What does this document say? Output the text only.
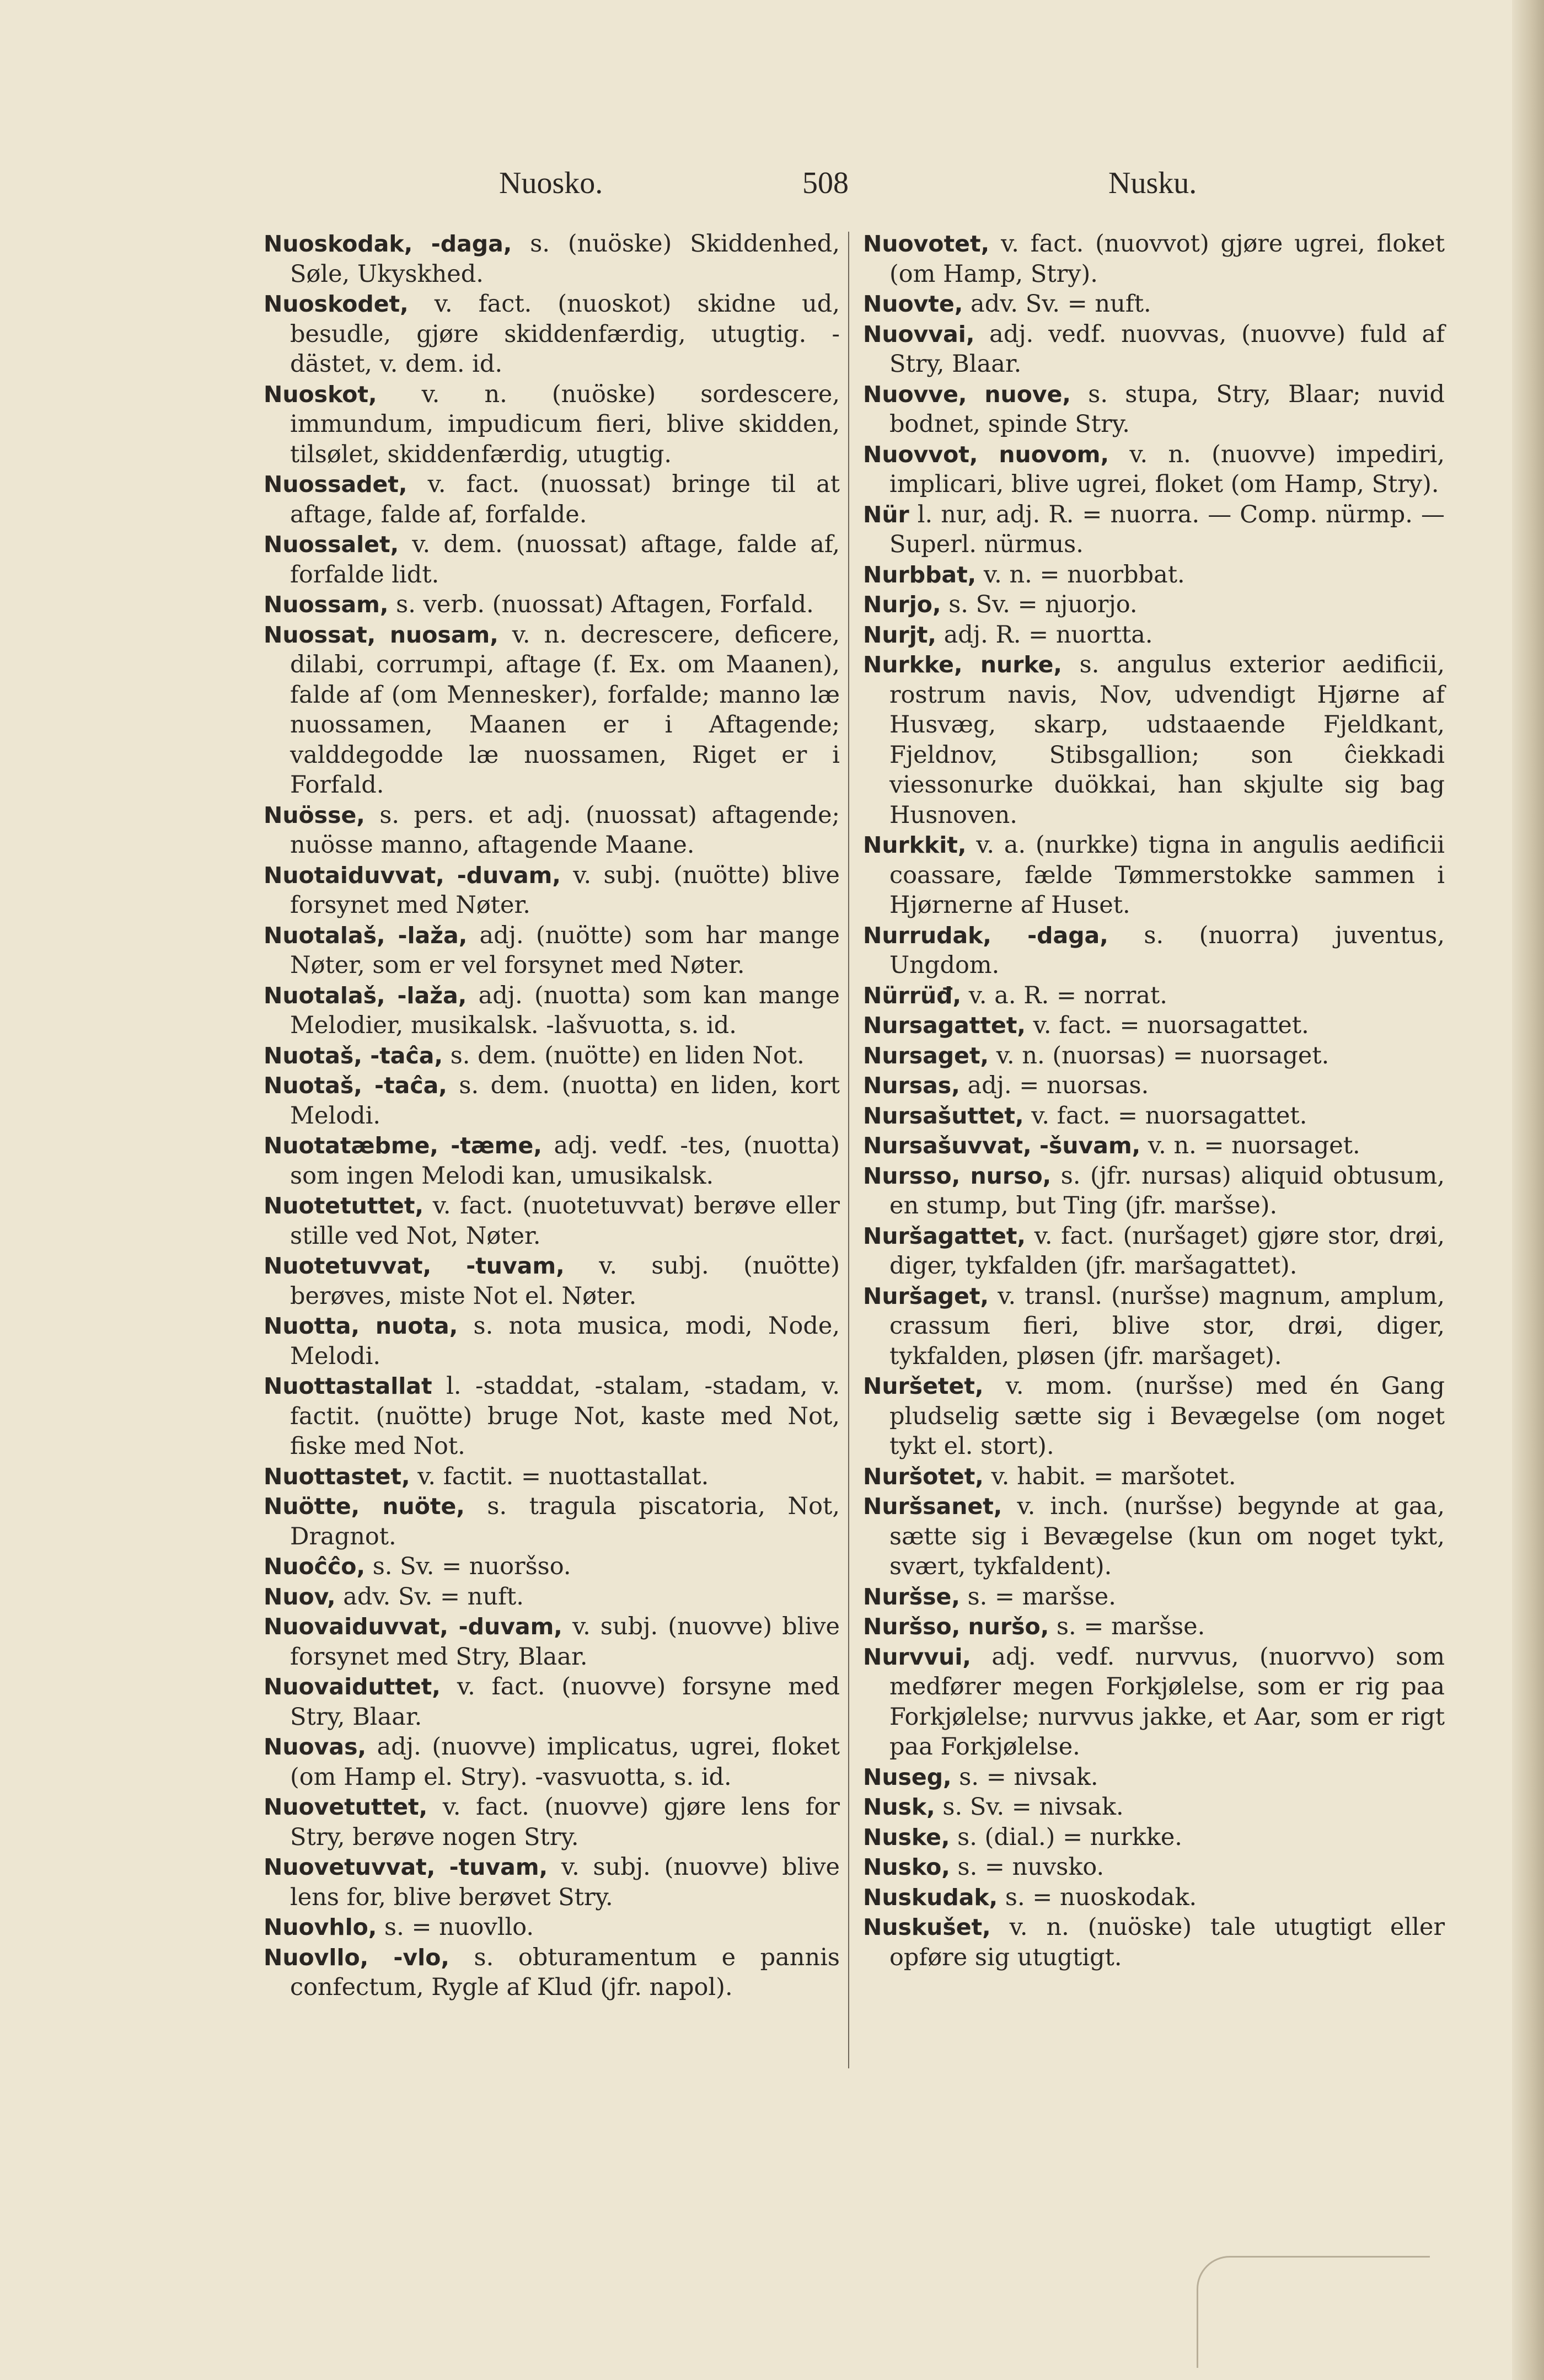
Nuosko.	508	Nusku.

Nuoskodak, -daga, s. (nuöske) Skiddenhed, Søle, Ukyskhed.

Nuoskodet, v. fact. (nuoskot) skidne ud, besudle, gjøre skiddenfærdig, utugtig. -dästet, v. dem. id.

Nuoskot, v. n. (nuöske) sordescere, immundum, impudicum fieri, blive skidden, tilsølet, skiddenfærdig, utugtig.

Nuossadet, v. fact. (nuossat) bringe til at aftage, falde af, forfalde.

Nuossalet, v. dem. (nuossat) aftage, falde af, forfalde lidt.

Nuossam, s. verb. (nuossat) Aftagen, Forfald.

Nuossat, nuosam, v. n. decrescere, deficere, dilabi, corrumpi, aftage (f. Ex. om Maanen), falde af (om Mennesker), forfalde; manno læ nuossamen, Maanen er i Aftagende; valddegodde læ nuossamen, Riget er i Forfald.

Nuösse, s. pers. et adj. (nuossat) aftagende; nuösse manno, aftagende Maane.

Nuotaiduvvat, -duvam, v. subj. (nuötte) blive forsynet med Nøter.

Nuotalaš, -laža, adj. (nuötte) som har mange Nøter, som er vel forsynet med Nøter.

Nuotalaš, -laža, adj. (nuotta) som kan mange Melodier, musikalsk. -lašvuotta, s. id.

Nuotaš, -taĉa, s. dem. (nuötte) en liden Not.

Nuotaš, -taĉa, s. dem. (nuotta) en liden, kort Melodi.

Nuotatæbme, -tæme, adj. vedf. -tes, (nuotta) som ingen Melodi kan, umusikalsk.

Nuotetuttet, v. fact. (nuotetuvvat) berøve eller stille ved Not, Nøter.

Nuotetuvvat, -tuvam, v. subj. (nuötte) berøves, miste Not el. Nøter.

Nuotta, nuota, s. nota musica, modi, Node, Melodi.

Nuottastallat l. -staddat, -stalam, -stadam, v. factit. (nuötte) bruge Not, kaste med Not, fiske med Not.

Nuottastet, v. factit. = nuottastallat.

Nuötte, nuöte, s. tragula piscatoria, Not, Dragnot.

Nuoĉĉo, s. Sv. = nuoršso.

Nuov, adv. Sv. = nuft.

Nuovaiduvvat, -duvam, v. subj. (nuovve) blive forsynet med Stry, Blaar.

Nuovaiduttet, v. fact. (nuovve) forsyne med Stry, Blaar.

Nuovas, adj. (nuovve) implicatus, ugrei, floket (om Hamp el. Stry). -vasvuotta, s. id.

Nuovetuttet, v. fact. (nuovve) gjøre lens for Stry, berøve nogen Stry.

Nuovetuvvat, -tuvam, v. subj. (nuovve) blive lens for, blive berøvet Stry.

Nuovhlo, s. = nuovllo.

Nuovllo, -vlo, s. obturamentum e pannis confectum, Rygle af Klud (jfr. napol).

Nuovotet, v. fact. (nuovvot) gjøre ugrei, floket (om Hamp, Stry).

Nuovte, adv. Sv. = nuft.

Nuovvai, adj. vedf. nuovvas, (nuovve) fuld af Stry, Blaar.

Nuovve, nuove, s. stupa, Stry, Blaar; nuvid bodnet, spinde Stry.

Nuovvot, nuovom, v. n. (nuovve) impediri, implicari, blive ugrei, floket (om Hamp, Stry).

Nür l. nur, adj. R. = nuorra. — Comp. nürmp. — Superl. nürmus.

Nurbbat, v. n. = nuorbbat.

Nurjo, s. Sv. = njuorjo.

Nurjt, adj. R. = nuortta.

Nurkke, nurke, s. angulus exterior aedificii, rostrum navis, Nov, udvendigt Hjørne af Husvæg, skarp, udstaaende Fjeldkant, Fjeldnov, Stibsgallion; son ĉiekkadi viessonurke duökkai, han skjulte sig bag Husnoven.

Nurkkit, v. a. (nurkke) tigna in angulis aedificii coassare, fælde Tømmerstokke sammen i Hjørnerne af Huset.

Nurrudak, -daga, s. (nuorra) juventus, Ungdom.

Nürrüđ, v. a. R. = norrat.

Nursagattet, v. fact. = nuorsagattet.

Nursaget, v. n. (nuorsas) = nuorsaget.

Nursas, adj. = nuorsas.

Nursašuttet, v. fact. = nuorsagattet.

Nursašuvvat, -šuvam, v. n. = nuorsaget.

Nursso, nurso, s. (jfr. nursas) aliquid obtusum, en stump, but Ting (jfr. maršse).

Nuršagattet, v. fact. (nuršaget) gjøre stor, drøi, diger, tykfalden (jfr. maršagattet).

Nuršaget, v. transl. (nuršse) magnum, amplum, crassum fieri, blive stor, drøi, diger, tykfalden, pløsen (jfr. maršaget).

Nuršetet, v. mom. (nuršse) med én Gang pludselig sætte sig i Bevægelse (om noget tykt el. stort).

Nuršotet, v. habit. = maršotet.

Nuršsanet, v. inch. (nuršse) begynde at gaa, sætte sig i Bevægelse (kun om noget tykt, svært, tykfaldent).

Nuršse, s. = maršse.

Nuršso, nuršo, s. = maršse.

Nurvvui, adj. vedf. nurvvus, (nuorvvo) som medfører megen Forkjølelse, som er rig paa Forkjølelse; nurvvus jakke, et Aar, som er rigt paa Forkjølelse.

Nuseg, s. = nivsak.

Nusk, s. Sv. = nivsak.

Nuske, s. (dial.) = nurkke.

Nusko, s. = nuvsko.

Nuskudak, s. = nuoskodak.

Nuskušet, v. n. (nuöske) tale utugtigt eller opføre sig utugtigt.
